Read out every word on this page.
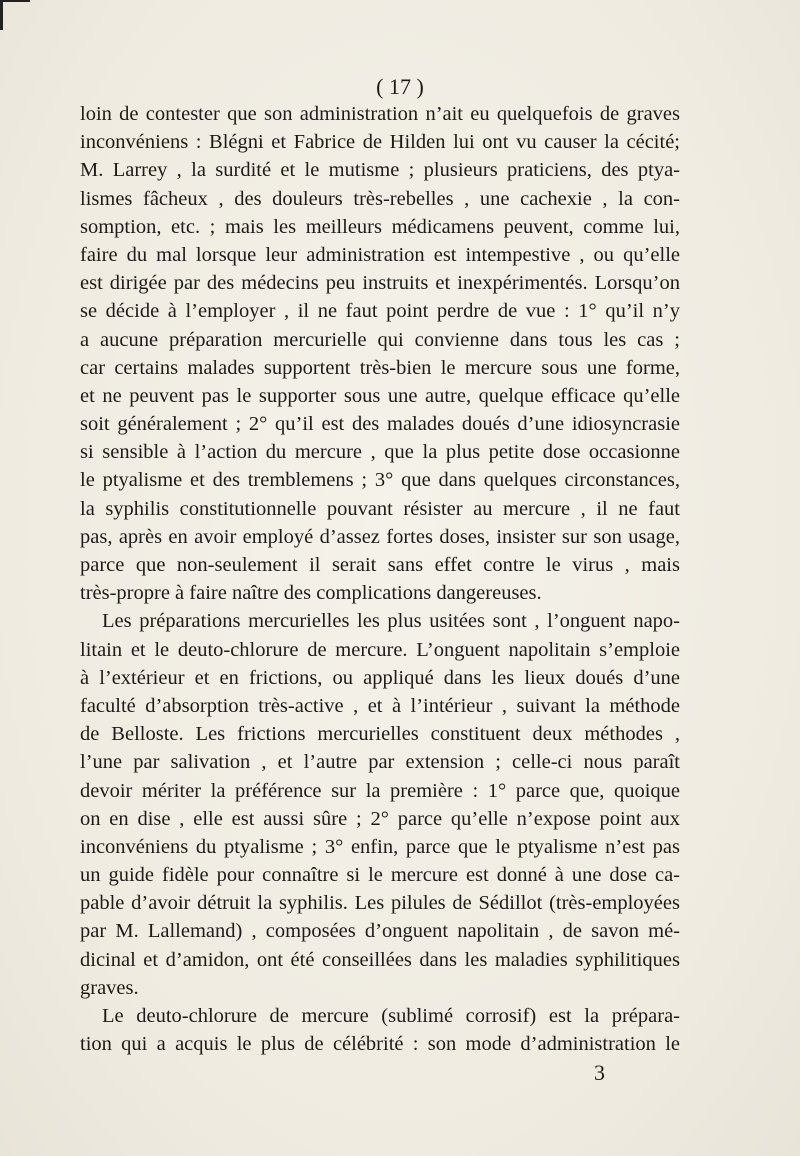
( 17 )
loin de contester que son administration n’ait eu quelquefois de graves
inconvéniens : Blégni et Fabrice de Hilden lui ont vu causer la cécité;
M. Larrey , la surdité et le mutisme ; plusieurs praticiens, des ptya-
lismes fâcheux , des douleurs très-rebelles , une cachexie , la con-
somption, etc. ; mais les meilleurs médicamens peuvent, comme lui,
faire du mal lorsque leur administration est intempestive , ou qu’elle
est dirigée par des médecins peu instruits et inexpérimentés. Lorsqu’on
se décide à l’employer , il ne faut point perdre de vue : 1° qu’il n’y
a aucune préparation mercurielle qui convienne dans tous les cas ;
car certains malades supportent très-bien le mercure sous une forme,
et ne peuvent pas le supporter sous une autre, quelque efficace qu’elle
soit généralement ; 2° qu’il est des malades doués d’une idiosyncrasie
si sensible à l’action du mercure , que la plus petite dose occasionne
le ptyalisme et des tremblemens ; 3° que dans quelques circonstances,
la syphilis constitutionnelle pouvant résister au mercure , il ne faut
pas, après en avoir employé d’assez fortes doses, insister sur son usage,
parce que non-seulement il serait sans effet contre le virus , mais
très-propre à faire naître des complications dangereuses.
Les préparations mercurielles les plus usitées sont , l’onguent napo-
litain et le deuto-chlorure de mercure. L’onguent napolitain s’emploie
à l’extérieur et en frictions, ou appliqué dans les lieux doués d’une
faculté d’absorption très-active , et à l’intérieur , suivant la méthode
de Belloste. Les frictions mercurielles constituent deux méthodes ,
l’une par salivation , et l’autre par extension ; celle-ci nous paraît
devoir mériter la préférence sur la première : 1° parce que, quoique
on en dise , elle est aussi sûre ; 2° parce qu’elle n’expose point aux
inconvéniens du ptyalisme ; 3° enfin, parce que le ptyalisme n’est pas
un guide fidèle pour connaître si le mercure est donné à une dose ca-
pable d’avoir détruit la syphilis. Les pilules de Sédillot (très-employées
par M. Lallemand) , composées d’onguent napolitain , de savon mé-
dicinal et d’amidon, ont été conseillées dans les maladies syphilitiques
graves.
Le deuto-chlorure de mercure (sublimé corrosif) est la prépara-
tion qui a acquis le plus de célébrité : son mode d’administration le
3
